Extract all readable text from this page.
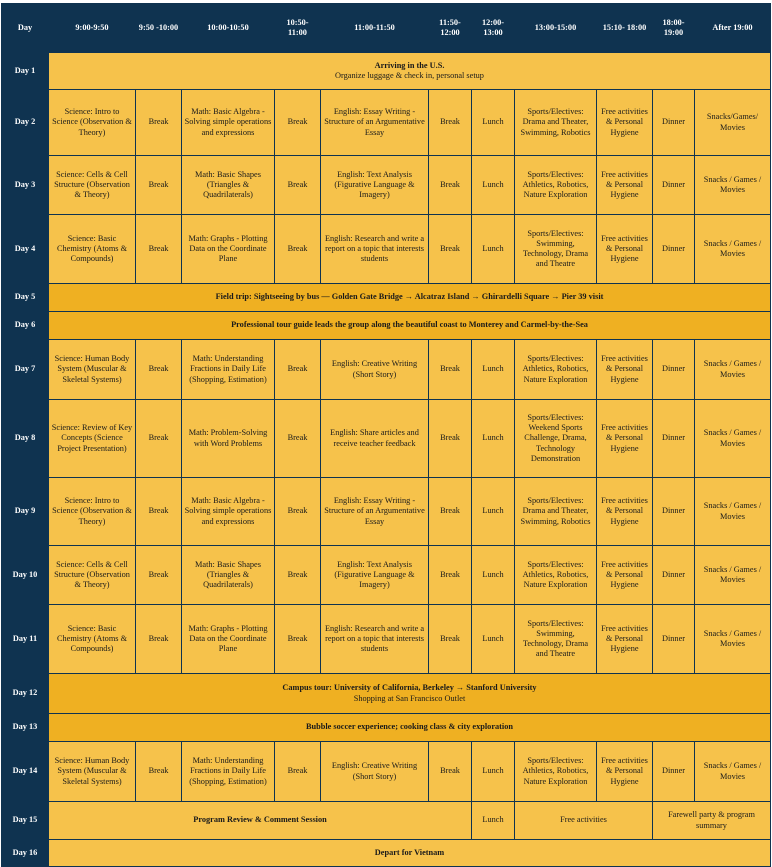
Day	9:00-9:50	9:50 -10:00	10:00-10:50	10:50- 11:00	11:00-11:50	11:50- 12:00	12:00- 13:00	13:00-15:00	15:10- 18:00	18:00- 19:00	After 19:00
Day 1	Arriving in the U.S.
Organize luggage & check in, personal setup										

Day 2	Science: Intro to Science (Observation & Theory)	Break	Math: Basic Algebra - Solving simple operations and expressions	Break	English: Essay Writing - Structure of an Argumentative Essay	Break	Lunch	Sports/Electives: Drama and Theater, Swimming, Robotics	Free activities & Personal Hygiene	Dinner	Snacks/Games/ Movies
Day 3	Science: Cells & Cell Structure (Observation & Theory)	Break	Math: Basic Shapes (Triangles & Quadrilaterals)	Break	English: Text Analysis (Figurative Language & Imagery)	Break	Lunch	Sports/Electives: Athletics, Robotics, Nature Exploration	Free activities & Personal Hygiene	Dinner	Snacks / Games / Movies
Day 4	Science: Basic Chemistry (Atoms & Compounds)	Break	Math: Graphs - Plotting Data on the Coordinate Plane	Break	English: Research and write a report on a topic that interests students	Break	Lunch	Sports/Electives: Swimming, Technology, Drama and Theatre	Free activities & Personal Hygiene	Dinner	Snacks / Games / Movies
Day 5	Field trip: Sightseeing by bus — Golden Gate Bridge → Alcatraz Island → Ghirardelli Square → Pier 39 visit										

Day 6	Professional tour guide leads the group along the beautiful coast to Monterey and Carmel-by-the-Sea										

Day 7	Science: Human Body System (Muscular & Skeletal Systems)	Break	Math: Understanding Fractions in Daily Life (Shopping, Estimation)	Break	English: Creative Writing (Short Story)	Break	Lunch	Sports/Electives: Athletics, Robotics, Nature Exploration	Free activities & Personal Hygiene	Dinner	Snacks / Games / Movies
Day 8	Science: Review of Key Concepts (Science Project Presentation)	Break	Math: Problem-Solving with Word Problems	Break	English: Share articles and receive teacher feedback	Break	Lunch	Sports/Electives: Weekend Sports Challenge, Drama, Technology Demonstration	Free activities & Personal Hygiene	Dinner	Snacks / Games / Movies
Day 9	Science: Intro to Science (Observation & Theory)	Break	Math: Basic Algebra - Solving simple operations and expressions	Break	English: Essay Writing - Structure of an Argumentative Essay	Break	Lunch	Sports/Electives: Drama and Theater, Swimming, Robotics	Free activities & Personal Hygiene	Dinner	Snacks / Games / Movies
Day 10	Science: Cells & Cell Structure (Observation & Theory)	Break	Math: Basic Shapes (Triangles & Quadrilaterals)	Break	English: Text Analysis (Figurative Language & Imagery)	Break	Lunch	Sports/Electives: Athletics, Robotics, Nature Exploration	Free activities & Personal Hygiene	Dinner	Snacks / Games / Movies
Day 11	Science: Basic Chemistry (Atoms & Compounds)	Break	Math: Graphs - Plotting Data on the Coordinate Plane	Break	English: Research and write a report on a topic that interests students	Break	Lunch	Sports/Electives: Swimming, Technology, Drama and Theatre	Free activities & Personal Hygiene	Dinner	Snacks / Games / Movies
Day 12	Campus tour: University of California, Berkeley → Stanford University
Shopping at San Francisco Outlet										

Day 13	Bubble soccer experience; cooking class & city exploration										

Day 14	Science: Human Body System (Muscular & Skeletal Systems)	Break	Math: Understanding Fractions in Daily Life (Shopping, Estimation)	Break	English: Creative Writing (Short Story)	Break	Lunch	Sports/Electives: Athletics, Robotics, Nature Exploration	Free activities & Personal Hygiene	Dinner	Snacks / Games / Movies
Day 15	Program Review & Comment Session						Lunch	Free activities		Farewell party & program summary	
Day 16	Depart for Vietnam										
